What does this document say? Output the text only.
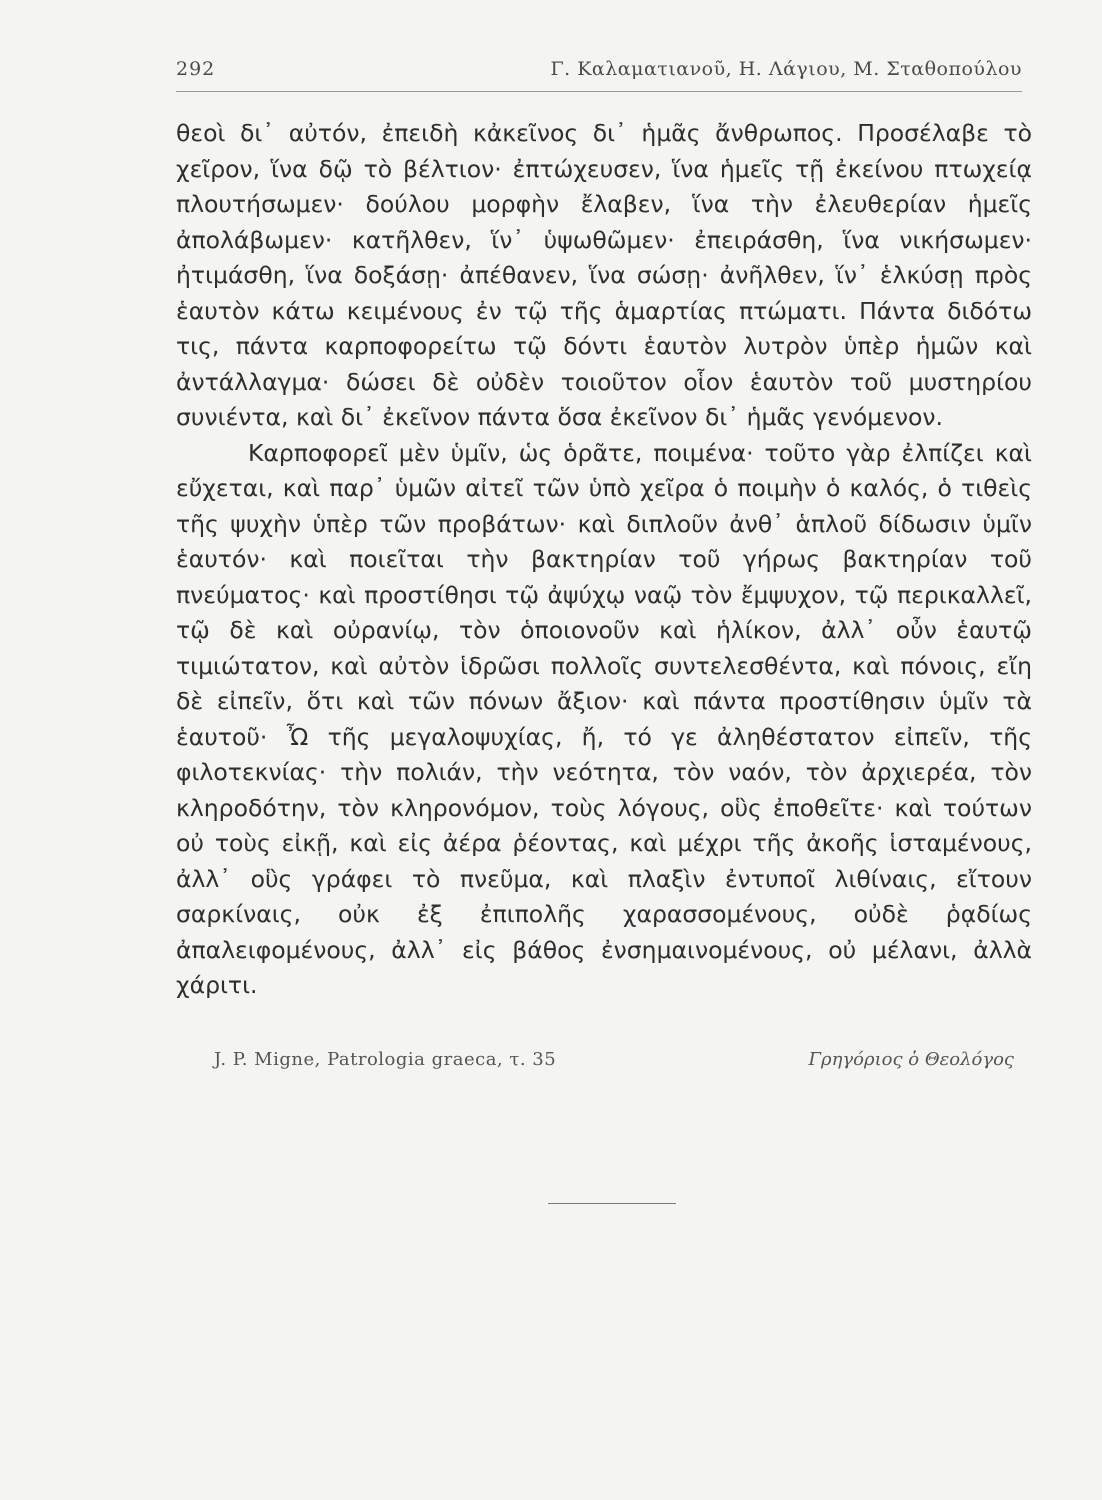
292	Γ. Καλαματιανοῦ, Η. Λάγιου, Μ. Σταθοπούλου

θεοὶ δι᾽ αὐτόν, ἐπειδὴ κἀκεῖνος δι᾽ ἡμᾶς ἄνθρωπος. Προσέλαβε τὸ χεῖρον, ἵνα δῷ τὸ βέλτιον· ἐπτώχευσεν, ἵνα ἡμεῖς τῇ ἐκείνου πτωχείᾳ πλουτήσωμεν· δούλου μορφὴν ἔλαβεν, ἵνα τὴν ἐλευθερίαν ἡμεῖς ἀπολάβωμεν· κατῆλθεν, ἵν᾽ ὑψωθῶμεν· ἐπειράσθη, ἵνα νικήσωμεν· ἠτιμάσθη, ἵνα δοξάσῃ· ἀπέθανεν, ἵνα σώσῃ· ἀνῆλθεν, ἵν᾽ ἑλκύσῃ πρὸς ἑαυτὸν κάτω κειμένους ἐν τῷ τῆς ἁμαρτίας πτώματι. Πάντα διδότω τις, πάντα καρποφορείτω τῷ δόντι ἑαυτὸν λυτρὸν ὑπὲρ ἡμῶν καὶ ἀντάλλαγμα· δώσει δὲ οὐδὲν τοιοῦτον οἷον ἑαυτὸν τοῦ μυστηρίου συνιέντα, καὶ δι᾽ ἐκεῖνον πάντα ὅσα ἐκεῖνον δι᾽ ἡμᾶς γενόμενον.

Καρποφορεῖ μὲν ὑμῖν, ὡς ὁρᾶτε, ποιμένα· τοῦτο γὰρ ἐλπίζει καὶ εὔχεται, καὶ παρ᾽ ὑμῶν αἰτεῖ τῶν ὑπὸ χεῖρα ὁ ποιμὴν ὁ καλός, ὁ τιθεὶς τῆς ψυχὴν ὑπὲρ τῶν προβάτων· καὶ διπλοῦν ἀνθ᾽ ἁπλοῦ δίδωσιν ὑμῖν ἑαυτόν· καὶ ποιεῖται τὴν βακτηρίαν τοῦ γήρως βακτηρίαν τοῦ πνεύματος· καὶ προστίθησι τῷ ἀψύχῳ ναῷ τὸν ἔμψυχον, τῷ περικαλλεῖ, τῷ δὲ καὶ οὐρανίῳ, τὸν ὁποιονοῦν καὶ ἡλίκον, ἀλλ᾽ οὖν ἑαυτῷ τιμιώτατον, καὶ αὐτὸν ἱδρῶσι πολλοῖς συντελεσθέντα, καὶ πόνοις, εἴη δὲ εἰπεῖν, ὅτι καὶ τῶν πόνων ἄξιον· καὶ πάντα προστίθησιν ὑμῖν τὰ ἑαυτοῦ· Ὦ τῆς μεγαλοψυχίας, ἤ, τό γε ἀληθέστατον εἰπεῖν, τῆς φιλοτεκνίας· τὴν πολιάν, τὴν νεότητα, τὸν ναόν, τὸν ἀρχιερέα, τὸν κληροδότην, τὸν κληρονόμον, τοὺς λόγους, οὓς ἐποθεῖτε· καὶ τούτων οὐ τοὺς εἰκῇ, καὶ εἰς ἀέρα ῥέοντας, καὶ μέχρι τῆς ἀκοῆς ἱσταμένους, ἀλλ᾽ οὓς γράφει τὸ πνεῦμα, καὶ πλαξὶν ἐντυποῖ λιθίναις, εἴτουν σαρκίναις, οὐκ ἐξ ἐπιπολῆς χαρασσομένους, οὐδὲ ῥᾳδίως ἀπαλειφομένους, ἀλλ᾽ εἰς βάθος ἐνσημαινομένους, οὐ μέλανι, ἀλλὰ χάριτι.

J. P. Migne, Patrologia graeca, τ. 35	Γρηγόριος ὁ Θεολόγος
